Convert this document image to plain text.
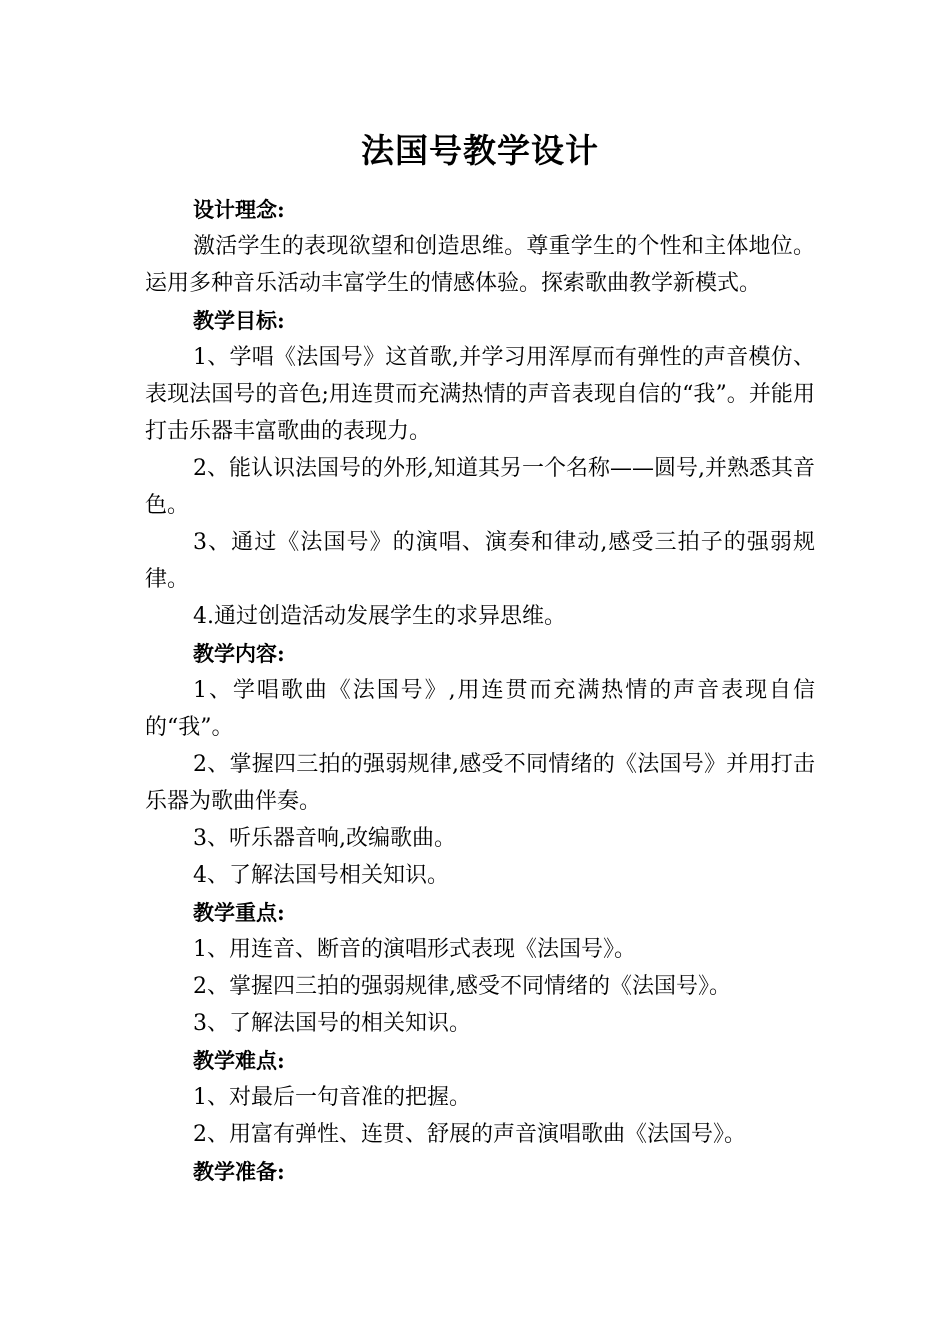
法国号教学设计

设计理念:

激活学生的表现欲望和创造思维。尊重学生的个性和主体地位。运用多种音乐活动丰富学生的情感体验。探索歌曲教学新模式。

教学目标:

1、学唱《法国号》这首歌,并学习用浑厚而有弹性的声音模仿、表现法国号的音色;用连贯而充满热情的声音表现自信的“我”。并能用打击乐器丰富歌曲的表现力。

2、能认识法国号的外形,知道其另一个名称——圆号,并熟悉其音色。

3、通过《法国号》的演唱、演奏和律动,感受三拍子的强弱规律。

4.通过创造活动发展学生的求异思维。

教学内容:

1、学唱歌曲《法国号》,用连贯而充满热情的声音表现自信的“我”。

2、掌握四三拍的强弱规律,感受不同情绪的《法国号》并用打击乐器为歌曲伴奏。

3、听乐器音响,改编歌曲。

4、了解法国号相关知识。

教学重点:

1、用连音、断音的演唱形式表现《法国号》。

2、掌握四三拍的强弱规律,感受不同情绪的《法国号》。

3、了解法国号的相关知识。

教学难点:

1、对最后一句音准的把握。

2、用富有弹性、连贯、舒展的声音演唱歌曲《法国号》。

教学准备:
